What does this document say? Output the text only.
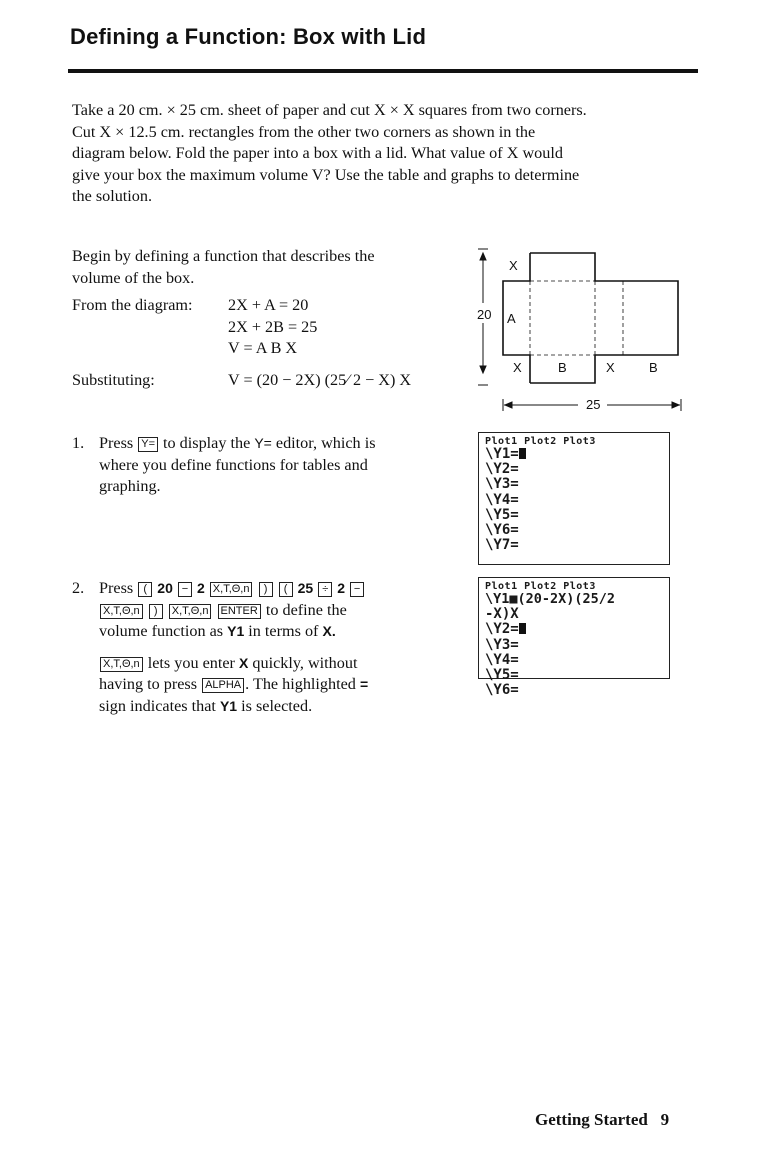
Defining a Function: Box with Lid
Take a 20 cm. × 25 cm. sheet of paper and cut X × X squares from two corners.
Cut X × 12.5 cm. rectangles from the other two corners as shown in the
diagram below. Fold the paper into a box with a lid. What value of X would
give your box the maximum volume V? Use the table and graphs to determine
the solution.
Begin by defining a function that describes the
volume of the box.
From the diagram: 2X + A = 20
2X + 2B = 25
V = A B X
Substituting:	V = (20 − 2X) (25⁄ 2 − X) X
X
A
20
X	B	X	B
25
1. Press Y= to display the Y= editor, which is
where you define functions for tables and
graphing.
Plot1 Plot2 Plot3
\Y1=
\Y2=
\Y3=
\Y4=
\Y5=
\Y6=
\Y7=
2. Press ( 20 − 2 X,T,Θ,n ) ( 25 ÷ 2 −
X,T,Θ,n ) X,T,Θ,n ENTER to define the
volume function as Y1 in terms of X.
X,T,Θ,n lets you enter X quickly, without
having to press ALPHA . The highlighted =
sign indicates that Y1 is selected.
Plot1 Plot2 Plot3
\Y1■(20-2X)(25/2
-X)X
\Y2=
\Y3=
\Y4=
\Y5=
\Y6=
Getting Started   9
